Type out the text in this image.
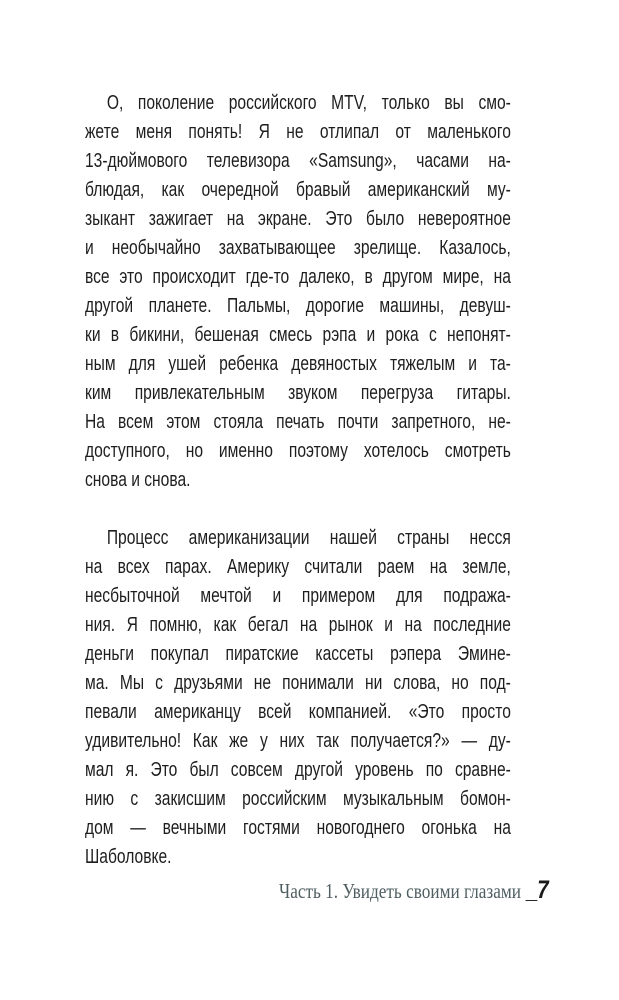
О, поколение российского MTV, только вы смо-
жете меня понять! Я не отлипал от маленького
13-дюймового телевизора «Samsung», часами на-
блюдая, как очередной бравый американский му-
зыкант зажигает на экране. Это было невероятное
и необычайно захватывающее зрелище. Казалось,
все это происходит где-то далеко, в другом мире, на
другой планете. Пальмы, дорогие машины, девуш-
ки в бикини, бешеная смесь рэпа и рока с непонят-
ным для ушей ребенка девяностых тяжелым и та-
ким привлекательным звуком перегруза гитары.
На всем этом стояла печать почти запретного, не-
доступного, но именно поэтому хотелось смотреть
снова и снова.
Процесс американизации нашей страны несся
на всех парах. Америку считали раем на земле,
несбыточной мечтой и примером для подража-
ния. Я помню, как бегал на рынок и на последние
деньги покупал пиратские кассеты рэпера Эмине-
ма. Мы с друзьями не понимали ни слова, но под-
певали американцу всей компанией. «Это просто
удивительно! Как же у них так получается?» — ду-
мал я. Это был совсем другой уровень по сравне-
нию с закисшим российским музыкальным бомон-
дом — вечными гостями новогоднего огонька на
Шаболовке.
Часть 1. Увидеть своими глазами _7
